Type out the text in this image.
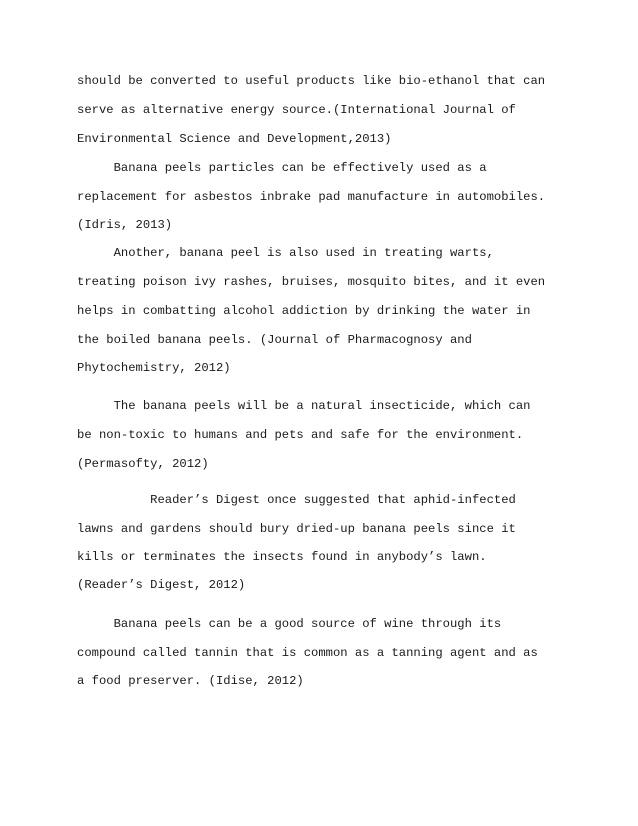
should be converted to useful products like bio-ethanol that can
serve as alternative energy source.(International Journal of
Environmental Science and Development,2013)
Banana peels particles can be effectively used as a
replacement for asbestos inbrake pad manufacture in automobiles.
(Idris, 2013)
Another, banana peel is also used in treating warts,
treating poison ivy rashes, bruises, mosquito bites, and it even
helps in combatting alcohol addiction by drinking the water in
the boiled banana peels. (Journal of Pharmacognosy and
Phytochemistry, 2012)
The banana peels will be a natural insecticide, which can
be non-toxic to humans and pets and safe for the environment.
(Permasofty, 2012)
Reader’s Digest once suggested that aphid-infected
lawns and gardens should bury dried-up banana peels since it
kills or terminates the insects found in anybody’s lawn.
(Reader’s Digest, 2012)
Banana peels can be a good source of wine through its
compound called tannin that is common as a tanning agent and as
a food preserver. (Idise, 2012)
